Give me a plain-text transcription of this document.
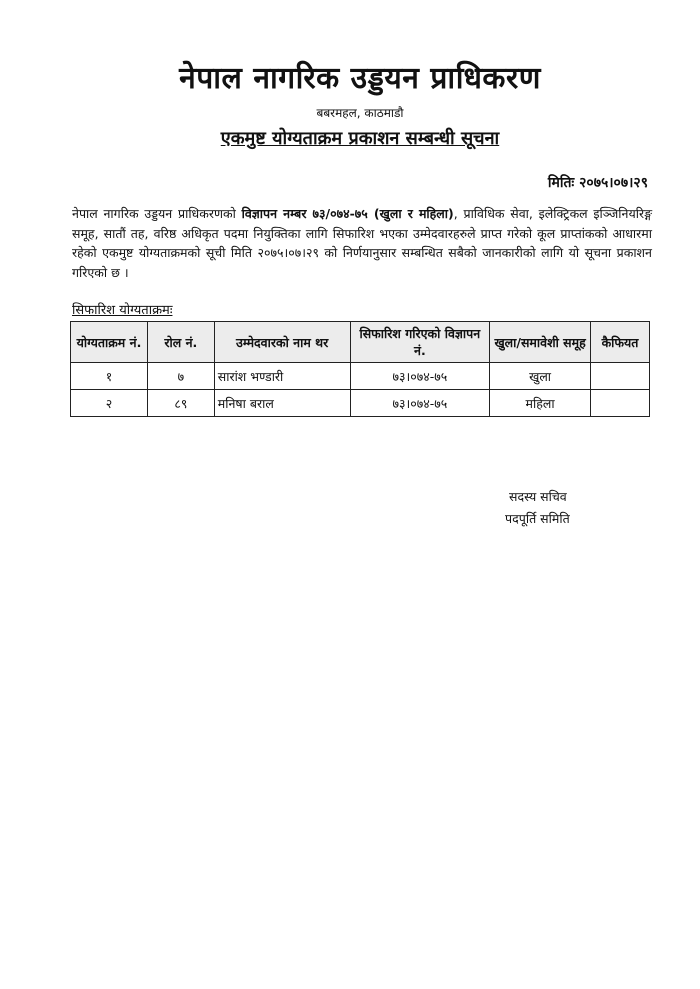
नेपाल नागरिक उड्डयन प्राधिकरण
बबरमहल, काठमाडौ
एकमुष्ट योग्यताक्रम प्रकाशन सम्बन्धी सूचना
मितिः २०७५।०७।२९
नेपाल नागरिक उड्डयन प्राधिकरणको विज्ञापन नम्बर ७३/०७४-७५ (खुला र महिला), प्राविधिक सेवा, इलेक्ट्रिकल इञ्जिनियरिङ्ग समूह, सातौं तह, वरिष्ठ अधिकृत पदमा नियुक्तिका लागि सिफारिश भएका उम्मेदवारहरुले प्राप्त गरेको कूल प्राप्तांकको आधारमा रहेको एकमुष्ट योग्यताक्रमको सूची मिति २०७५।०७।२९ को निर्णयानुसार सम्बन्धित सबैको जानकारीको लागि यो सूचना प्रकाशन गरिएको छ ।
सिफारिश योग्यताक्रमः
योग्यताक्रम नं.	रोल नं.	उम्मेदवारको नाम थर	सिफारिश गरिएको विज्ञापन नं.	खुला/समावेशी समूह	कैफियत
१	७	सारांश भण्डारी	७३।०७४-७५	खुला	
२	८९	मनिषा बराल	७३।०७४-७५	महिला	
सदस्य सचिव
पदपूर्ति समिति
